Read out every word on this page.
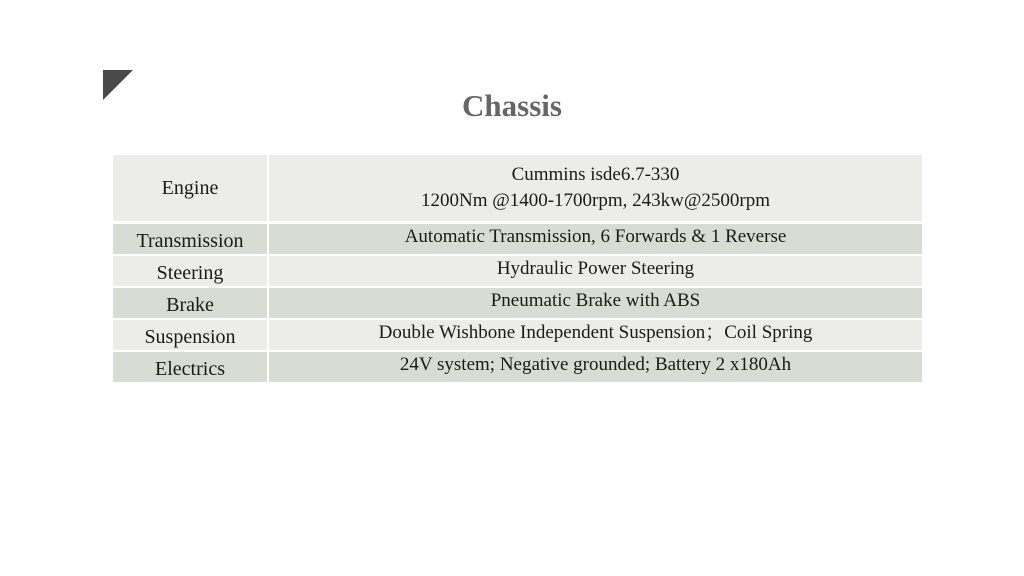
Chassis
Engine	Cummins isde6.7-330
1200Nm @1400-1700rpm, 243kw@2500rpm

Transmission	Automatic Transmission, 6 Forwards & 1 Reverse
Steering	Hydraulic Power Steering
Brake	Pneumatic Brake with ABS
Suspension	Double Wishbone Independent Suspension；Coil Spring
Electrics	24V system; Negative grounded; Battery 2 x180Ah
